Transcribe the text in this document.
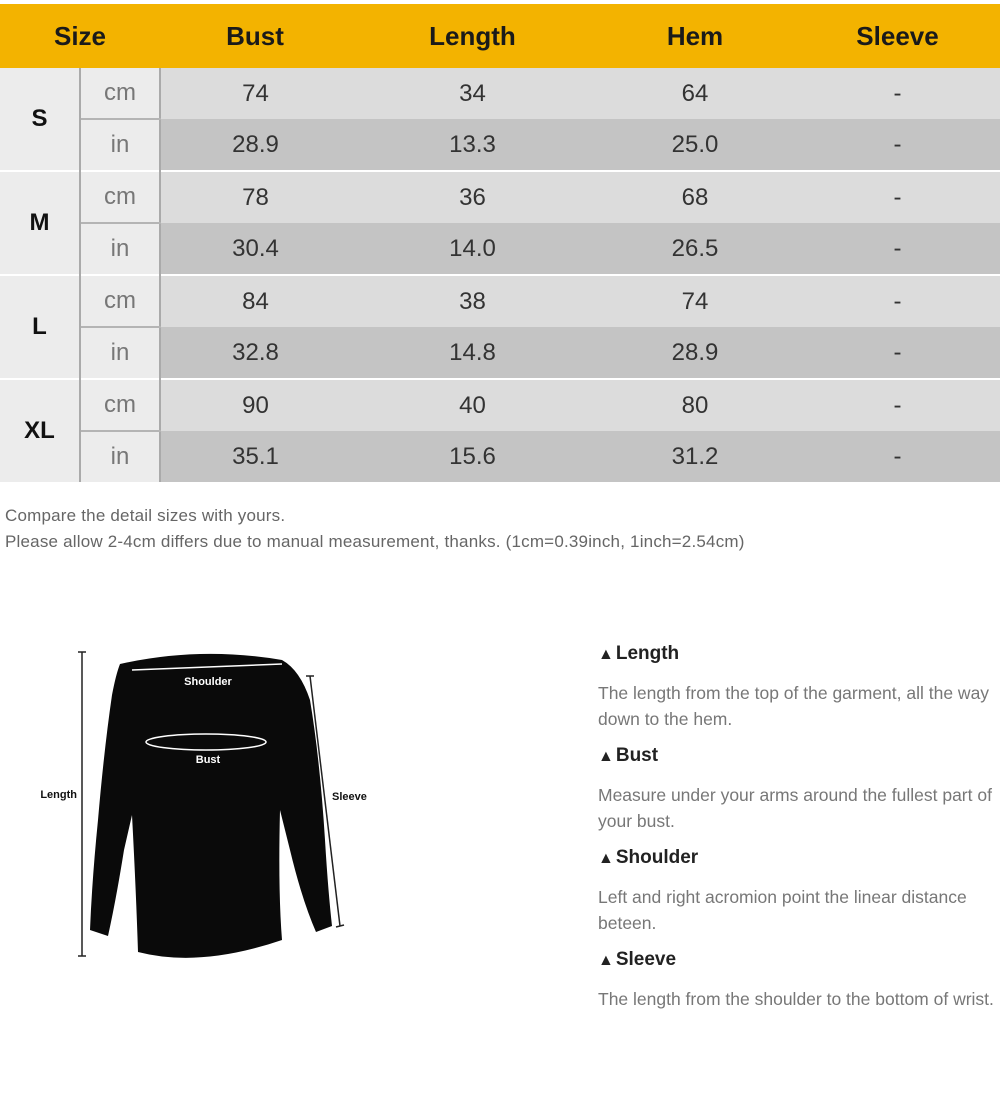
Size		Bust	Length	Hem	Sleeve
S	cm	74	34	64	-
	in	28.9	13.3	25.0	-
M	cm	78	36	68	-
	in	30.4	14.0	26.5	-
L	cm	84	38	74	-
	in	32.8	14.8	28.9	-
XL	cm	90	40	80	-
	in	35.1	15.6	31.2	-
Compare the detail sizes with yours.
Please allow 2-4cm differs due to manual measurement, thanks. (1cm=0.39inch, 1inch=2.54cm)
Shoulder
Bust
Length	Sleeve
▲ Length
The length from the top of the garment, all the way down to the hem.
▲ Bust
Measure under your arms around the fullest part of your bust.
▲ Shoulder
Left and right acromion point the linear distance beteen.
▲ Sleeve
The length from the shoulder to the bottom of wrist.
